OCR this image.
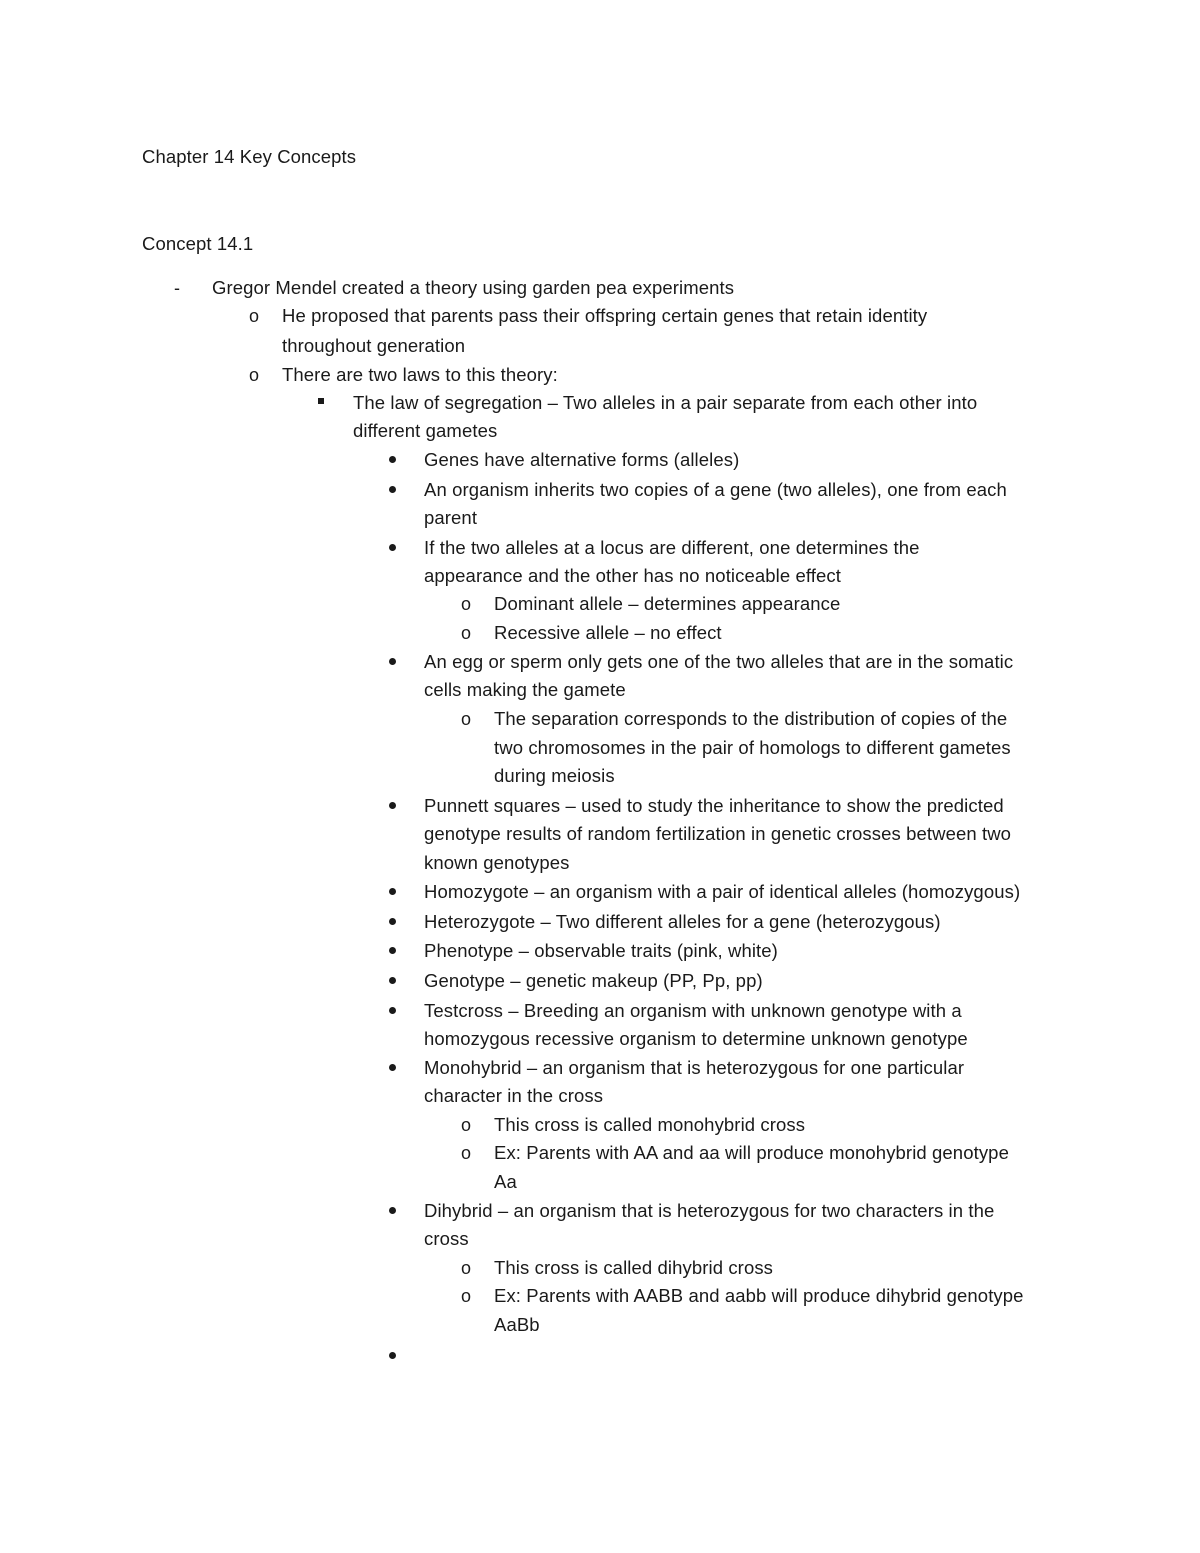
Chapter 14 Key Concepts
Concept 14.1
- Gregor Mendel created a theory using garden pea experiments
o He proposed that parents pass their offspring certain genes that retain identity
throughout generation
o There are two laws to this theory:
The law of segregation – Two alleles in a pair separate from each other into
different gametes
Genes have alternative forms (alleles)
An organism inherits two copies of a gene (two alleles), one from each
parent
If the two alleles at a locus are different, one determines the
appearance and the other has no noticeable effect
o Dominant allele – determines appearance
o Recessive allele – no effect
An egg or sperm only gets one of the two alleles that are in the somatic
cells making the gamete
o The separation corresponds to the distribution of copies of the
two chromosomes in the pair of homologs to different gametes
during meiosis
Punnett squares – used to study the inheritance to show the predicted
genotype results of random fertilization in genetic crosses between two
known genotypes
Homozygote – an organism with a pair of identical alleles (homozygous)
Heterozygote – Two different alleles for a gene (heterozygous)
Phenotype – observable traits (pink, white)
Genotype – genetic makeup (PP, Pp, pp)
Testcross – Breeding an organism with unknown genotype with a
homozygous recessive organism to determine unknown genotype
Monohybrid – an organism that is heterozygous for one particular
character in the cross
o This cross is called monohybrid cross
o Ex: Parents with AA and aa will produce monohybrid genotype
Aa
Dihybrid – an organism that is heterozygous for two characters in the
cross
o This cross is called dihybrid cross
o Ex: Parents with AABB and aabb will produce dihybrid genotype
AaBb
